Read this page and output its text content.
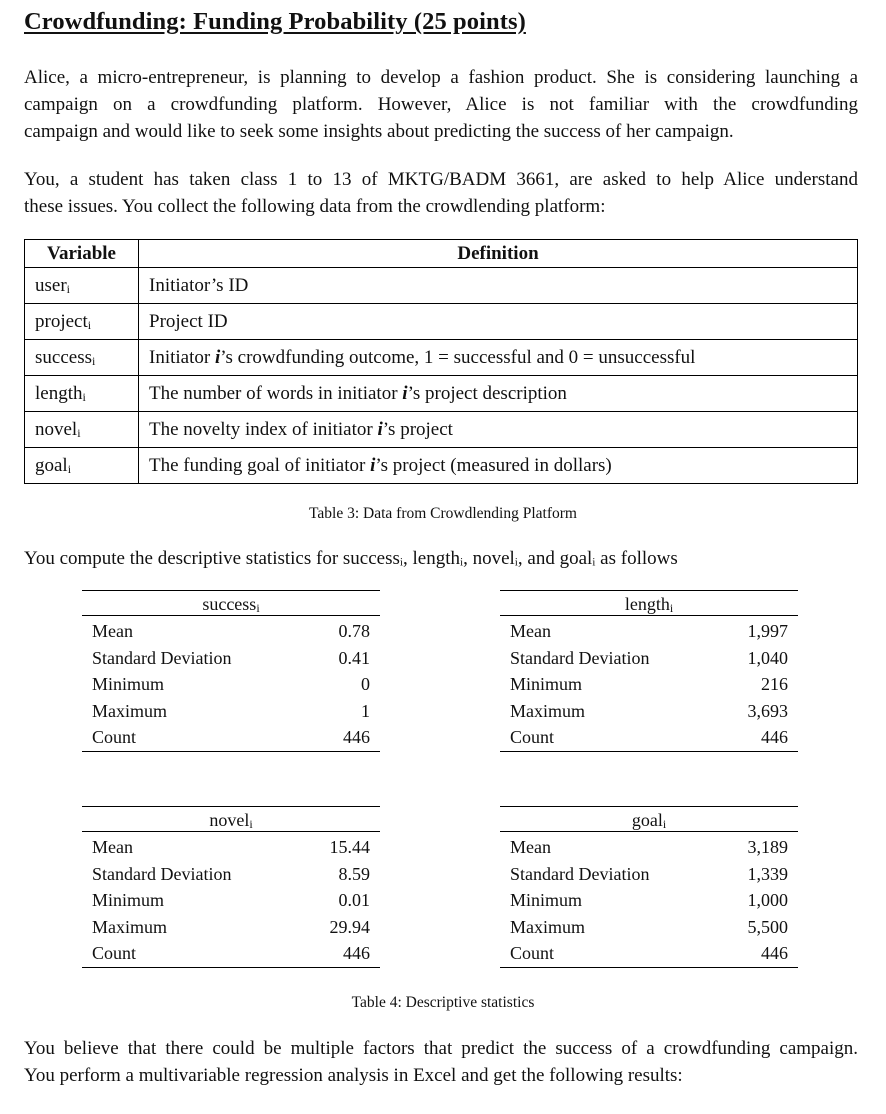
Crowdfunding: Funding Probability (25 points)
Alice, a micro-entrepreneur, is planning to develop a fashion product. She is considering launching a
campaign on a crowdfunding platform. However, Alice is not familiar with the crowdfunding
campaign and would like to seek some insights about predicting the success of her campaign.
You, a student has taken class 1 to 13 of MKTG/BADM 3661, are asked to help Alice understand
these issues. You collect the following data from the crowdlending platform:
Variable	Definition
useri	Initiator’s ID
projecti	Project ID
successi	Initiator i’s crowdfunding outcome, 1 = successful and 0 = unsuccessful
lengthi	The number of words in initiator i’s project description
noveli	The novelty index of initiator i’s project
goali	The funding goal of initiator i’s project (measured in dollars)
Table 3: Data from Crowdlending Platform
You compute the descriptive statistics for successᵢ, lengthᵢ, novelᵢ, and goalᵢ as follows
successi
Mean	0.78
Standard Deviation	0.41
Minimum	0
Maximum	1
Count	446
lengthi
Mean	1,997
Standard Deviation	1,040
Minimum	216
Maximum	3,693
Count	446
noveli
Mean	15.44
Standard Deviation	8.59
Minimum	0.01
Maximum	29.94
Count	446
goali
Mean	3,189
Standard Deviation	1,339
Minimum	1,000
Maximum	5,500
Count	446
Table 4: Descriptive statistics
You believe that there could be multiple factors that predict the success of a crowdfunding campaign.
You perform a multivariable regression analysis in Excel and get the following results:
